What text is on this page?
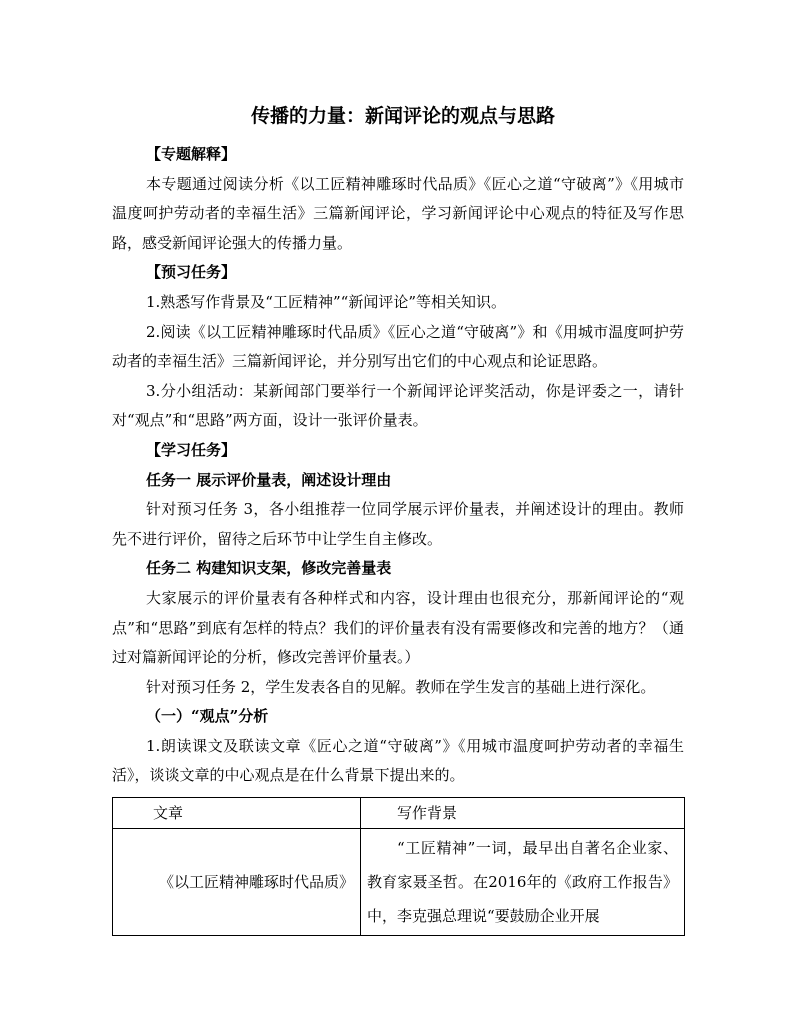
传播的力量：新闻评论的观点与思路

【专题解释】

本专题通过阅读分析《以工匠精神雕琢时代品质》《匠心之道“守破离”》《用城市温度呵护劳动者的幸福生活》三篇新闻评论，学习新闻评论中心观点的特征及写作思路，感受新闻评论强大的传播力量。

【预习任务】

1.熟悉写作背景及“工匠精神”“新闻评论”等相关知识。

2.阅读《以工匠精神雕琢时代品质》《匠心之道“守破离”》和《用城市温度呵护劳动者的幸福生活》三篇新闻评论，并分别写出它们的中心观点和论证思路。

3.分小组活动：某新闻部门要举行一个新闻评论评奖活动，你是评委之一，请针对“观点”和“思路”两方面，设计一张评价量表。

【学习任务】

任务一 展示评价量表，阐述设计理由

针对预习任务 3，各小组推荐一位同学展示评价量表，并阐述设计的理由。教师先不进行评价，留待之后环节中让学生自主修改。

任务二 构建知识支架，修改完善量表

大家展示的评价量表有各种样式和内容，设计理由也很充分，那新闻评论的“观点”和“思路”到底有怎样的特点？我们的评价量表有没有需要修改和完善的地方？（通过对篇新闻评论的分析，修改完善评价量表。）

针对预习任务 2，学生发表各自的见解。教师在学生发言的基础上进行深化。

（一）“观点”分析

1.朗读课文及联读文章《匠心之道“守破离”》《用城市温度呵护劳动者的幸福生活》，谈谈文章的中心观点是在什么背景下提出来的。

文章	写作背景
《以工匠精神雕琢时代品质》	“工匠精神”一词，最早出自著名企业家、教育家聂圣哲。在2016年的《政府工作报告》中，李克强总理说“要鼓励企业开展
